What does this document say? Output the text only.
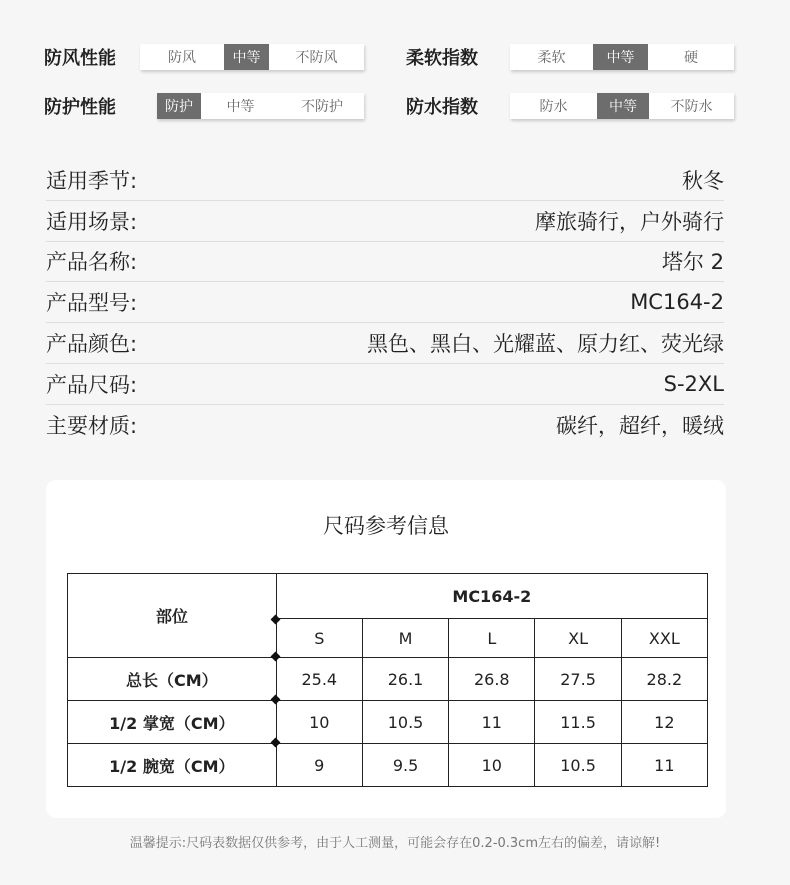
防风性能	防风	中等	不防风	柔软指数	柔软	中等	硬
防护性能	防护	中等	不防护	防水指数	防水	中等	不防水
适用季节:	秋冬
适用场景:	摩旅骑行，户外骑行
产品名称:	塔尔 2
产品型号:	MC164-2
产品颜色:	黑色、黑白、光耀蓝、原力红、荧光绿
产品尺码:	S-2XL
主要材质:	碳纤，超纤，暖绒
尺码参考信息
部位	MC164-2				
	S	M	L	XL	XXL
总长（CM）	25.4	26.1	26.8	27.5	28.2
1/2 掌宽（CM）	10	10.5	11	11.5	12
1/2 腕宽（CM）	9	9.5	10	10.5	11
温馨提示:尺码表数据仅供参考，由于人工测量，可能会存在0.2-0.3cm左右的偏差，请谅解!
